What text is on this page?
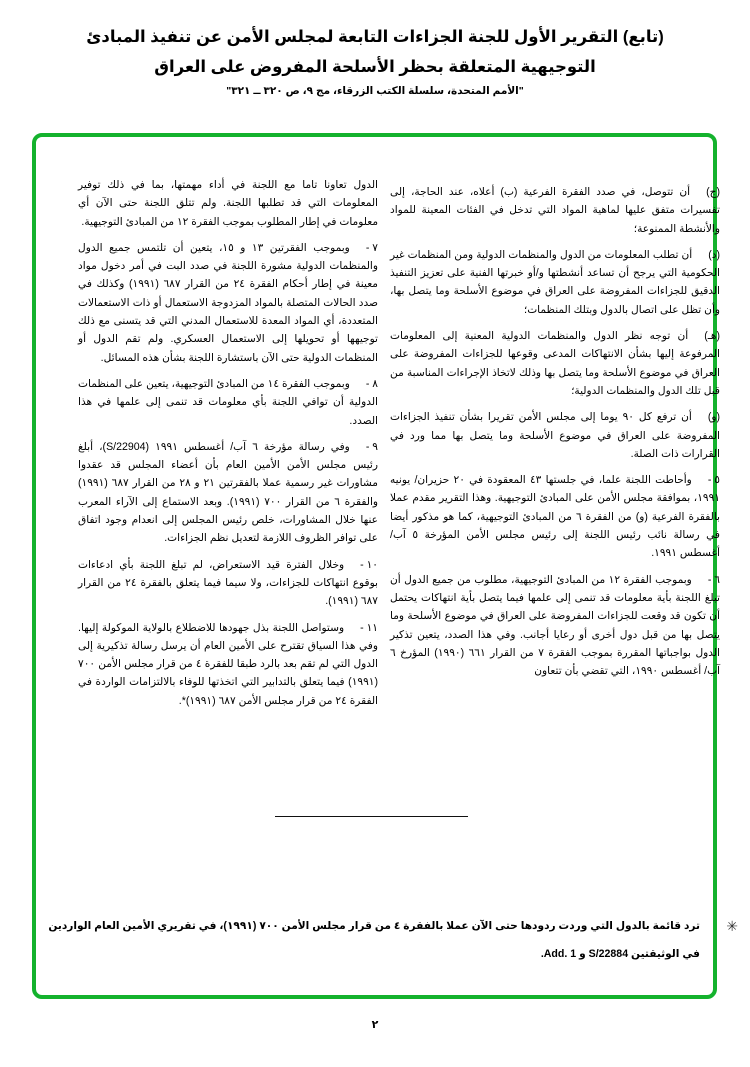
(تابع) التقرير الأول للجنة الجزاءات التابعة لمجلس الأمن عن تنفيذ المبادئ
التوجيهية المتعلقة بحظر الأسلحة المفروض على العراق
"الأمم المتحدة، سلسلة الكتب الزرقاء، مج ٩، ص ٣٢٠ ــ ٣٢١"

(ج)أن تتوصل، في صدد الفقرة الفرعية (ب) أعلاه، عند الحاجة، إلى تفسيرات متفق عليها لماهية المواد التي تدخل في الفئات المعينة للمواد والأنشطة الممنوعة؛

(د)أن تطلب المعلومات من الدول والمنظمات الدولية ومن المنظمات غير الحكومية التي يرجح أن تساعد أنشطتها و/أو خبرتها الفنية على تعزيز التنفيذ الدقيق للجزاءات المفروضة على العراق في موضوع الأسلحة وما يتصل بها، وأن تظل على اتصال بالدول وبتلك المنظمات؛

(هـ)أن توجه نظر الدول والمنظمات الدولية المعنية إلى المعلومات المرفوعة إليها بشأن الانتهاكات المدعى وقوعها للجزاءات المفروضة على العراق في موضوع الأسلحة وما يتصل بها وذلك لاتخاذ الإجراءات المناسبة من قبل تلك الدول والمنظمات الدولية؛

(و)أن ترفع كل ٩٠ يوما إلى مجلس الأمن تقريرا بشأن تنفيذ الجزاءات المفروضة على العراق في موضوع الأسلحة وما يتصل بها مما ورد في القرارات ذات الصلة.

٥ -وأحاطت اللجنة علما، في جلستها ٤٣ المعقودة في ٢٠ حزيران/ يونيه ١٩٩١، بموافقة مجلس الأمن على المبادئ التوجيهية. وهذا التقرير مقدم عملا بالفقرة الفرعية (و) من الفقرة ٦ من المبادئ التوجيهية، كما هو مذكور أيضا في رسالة نائب رئيس اللجنة إلى رئيس مجلس الأمن المؤرخة ٥ آب/ أغسطس ١٩٩١.

٦ -وبموجب الفقرة ١٢ من المبادئ التوجيهية، مطلوب من جميع الدول أن تبلغ اللجنة بأية معلومات قد تنمى إلى علمها فيما يتصل بأية انتهاكات يحتمل أن تكون قد وقعت للجزاءات المفروضة على العراق في موضوع الأسلحة وما يتصل بها من قبل دول أخرى أو رعايا أجانب. وفي هذا الصدد، يتعين تذكير الدول بواجباتها المقررة بموجب الفقرة ٧ من القرار ٦٦١ (١٩٩٠) المؤرخ ٦ آب/ أغسطس ١٩٩٠، التي تقضي بأن تتعاون

الدول تعاونا تاما مع اللجنة في أداء مهمتها، بما في ذلك توفير المعلومات التي قد تطلبها اللجنة. ولم تتلق اللجنة حتى الآن أي معلومات في إطار المطلوب بموجب الفقرة ١٢ من المبادئ التوجيهية.

٧ -وبموجب الفقرتين ١٣ و ١٥، يتعين أن تلتمس جميع الدول والمنظمات الدولية مشورة اللجنة في صدد البت في أمر دخول مواد معينة في إطار أحكام الفقرة ٢٤ من القرار ٦٨٧ (١٩٩١) وكذلك في صدد الحالات المتصلة بالمواد المزدوجة الاستعمال أو ذات الاستعمالات المتعددة، أي المواد المعدة للاستعمال المدني التي قد يتسنى مع ذلك توجيهها أو تحويلها إلى الاستعمال العسكري. ولم تقم الدول أو المنظمات الدولية حتى الآن باستشارة اللجنة بشأن هذه المسائل.

٨ -وبموجب الفقرة ١٤ من المبادئ التوجيهية، يتعين على المنظمات الدولية أن توافي اللجنة بأي معلومات قد تنمى إلى علمها في هذا الصدد.

٩ -وفي رسالة مؤرخة ٦ آب/ أغسطس ١٩٩١ (S/22904)، أبلغ رئيس مجلس الأمن الأمين العام بأن أعضاء المجلس قد عقدوا مشاورات غير رسمية عملا بالفقرتين ٢١ و ٢٨ من القرار ٦٨٧ (١٩٩١) والفقرة ٦ من القرار ٧٠٠ (١٩٩١). وبعد الاستماع إلى الآراء المعرب عنها خلال المشاورات، خلص رئيس المجلس إلى انعدام وجود اتفاق على توافر الظروف اللازمة لتعديل نظم الجزاءات.

١٠ -وخلال الفترة قيد الاستعراض، لم تبلغ اللجنة بأي ادعاءات بوقوع انتهاكات للجزاءات، ولا سيما فيما يتعلق بالفقرة ٢٤ من القرار ٦٨٧ (١٩٩١).

١١ -وستواصل اللجنة بذل جهودها للاضطلاع بالولاية الموكولة إليها. وفي هذا السياق تقترح على الأمين العام أن يرسل رسالة تذكيرية إلى الدول التي لم تقم بعد بالرد طبقا للفقرة ٤ من قرار مجلس الأمن ٧٠٠ (١٩٩١) فيما يتعلق بالتدابير التي اتخذتها للوفاء بالالتزامات الواردة في الفقرة ٢٤ من قرار مجلس الأمن ٦٨٧ (١٩٩١)*.

✳
ترد قائمة بالدول التي وردت ردودها حتى الآن عملا بالفقرة ٤ من قرار مجلس الأمن ٧٠٠ (١٩٩١)، في تقريري الأمين العام الواردين
في الوثيقتين S/22884 و Add. 1.
٢
